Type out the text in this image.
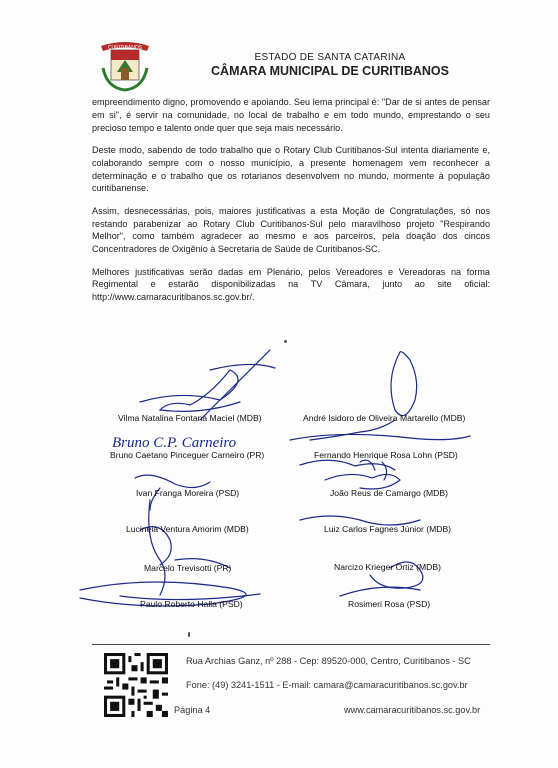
CURITIBANOS
ESTADO DE SANTA CATARINA
CÂMARA MUNICIPAL DE CURITIBANOS

empreendimento digno, promovendo e apoiando. Seu lema principal é: "Dar de si antes de pensar em si", é servir na comunidade, no local de trabalho e em todo mundo, emprestando o seu precioso tempo e talento onde quer que seja mais necessário.

Deste modo, sabendo de todo trabalho que o Rotary Club Curitibanos-Sul intenta diariamente e, colaborando sempre com o nosso município, a presente homenagem vem reconhecer a determinação e o trabalho que os rotarianos desenvolvem no mundo, mormente à população curitibanense.

Assim, desnecessárias, pois, maiores justificativas a esta Moção de Congratulações, só nos restando parabenizar ao Rotary Club Curitibanos-Sul pelo maravilhoso projeto "Respirando Melhor", como também agradecer ao mesmo e aos parceiros, pela doação dos cincos Concentradores de Oxigênio à Secretaria de Saúde de Curitibanos-SC.

Melhores justificativas serão dadas em Plenário, pelos Vereadores e Vereadoras na forma Regimental e estarão disponibilizadas na TV Câmara, junto ao site oficial: http://www.camaracuritibanos.sc.gov.br/.

Bruno C.P. Carneiro
Vilma Natalina Fontana Maciel (MDB)
Bruno Caetano Pinceguer Carneiro (PR)
Ivan Franga Moreira (PSD)
Lucineia Ventura Amorim (MDB)
Marcelo Trevisotti (PR)
Paulo Roberto Halla (PSD)
André Isidoro de Oliveira Martarello (MDB)
Fernando Henrique Rosa Lohn (PSD)
João Reus de Camargo (MDB)
Luiz Carlos Fagnes Júnior (MDB)
Narcizo Krieger Ortiz (MDB)
Rosimeri Rosa (PSD)
Rua Archias Ganz, nº 288 - Cep: 89520-000, Centro, Curitibanos - SC
Fone: (49) 3241-1511 - E-mail: camara@camaracuritibanos.sc.gov.br
Página 4	www.camaracuritibanos.sc.gov.br
